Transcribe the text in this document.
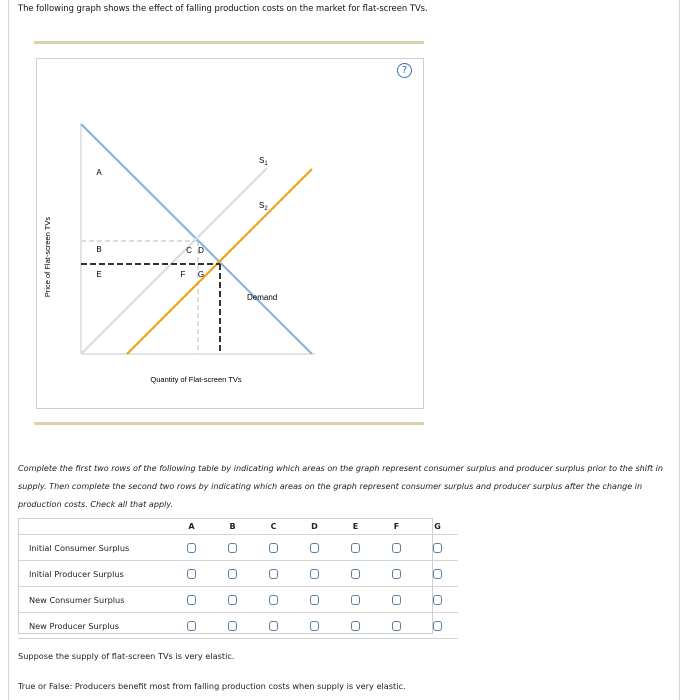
The following graph shows the effect of falling production costs on the market for flat-screen TVs.
A
B	C D
E	F G
$S_1$
$S_2$
Demand
Price of Flat-screen TVs
Quantity of Flat-screen TVs
?
Complete the first two rows of the following table by indicating which areas on the graph represent consumer surplus and producer surplus prior to the shift in supply. Then complete the second two rows by indicating which areas on the graph represent consumer surplus and producer surplus after the change in production costs. Check all that apply.
	A	B	C	D	E	F	G
Initial Consumer Surplus							
Initial Producer Surplus							
New Consumer Surplus							
New Producer Surplus							
Suppose the supply of flat-screen TVs is very elastic.
True or False: Producers benefit most from falling production costs when supply is very elastic.
